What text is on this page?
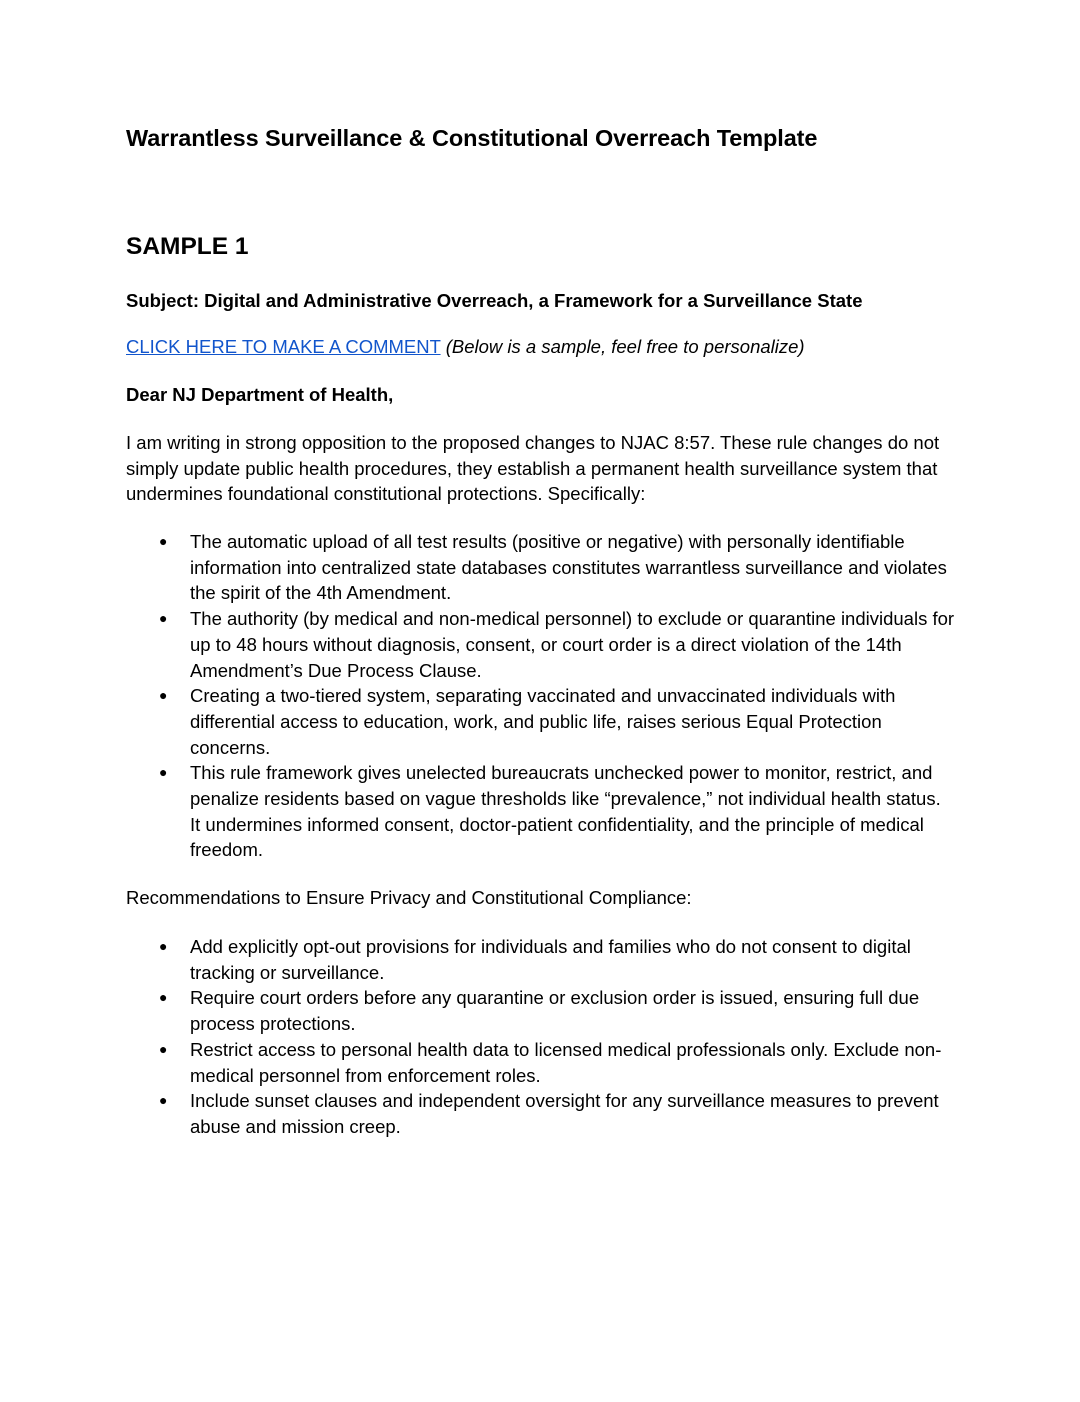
Warrantless Surveillance & Constitutional Overreach Template
SAMPLE 1

Subject: Digital and Administrative Overreach, a Framework for a Surveillance State

CLICK HERE TO MAKE A COMMENT (Below is a sample, feel free to personalize)

Dear NJ Department of Health,

I am writing in strong opposition to the proposed changes to NJAC 8:57. These rule changes do not simply update public health procedures, they establish a permanent health surveillance system that undermines foundational constitutional protections. Specifically:

● The automatic upload of all test results (positive or negative) with personally identifiable information into centralized state databases constitutes warrantless surveillance and violates the spirit of the 4th Amendment.
● The authority (by medical and non-medical personnel) to exclude or quarantine individuals for up to 48 hours without diagnosis, consent, or court order is a direct violation of the 14th Amendment’s Due Process Clause.
● Creating a two-tiered system, separating vaccinated and unvaccinated individuals with differential access to education, work, and public life, raises serious Equal Protection concerns.
● This rule framework gives unelected bureaucrats unchecked power to monitor, restrict, and penalize residents based on vague thresholds like “prevalence,” not individual health status. It undermines informed consent, doctor-patient confidentiality, and the principle of medical freedom.

Recommendations to Ensure Privacy and Constitutional Compliance:

● Add explicitly opt-out provisions for individuals and families who do not consent to digital tracking or surveillance.
● Require court orders before any quarantine or exclusion order is issued, ensuring full due process protections.
● Restrict access to personal health data to licensed medical professionals only. Exclude non-medical personnel from enforcement roles.
● Include sunset clauses and independent oversight for any surveillance measures to prevent abuse and mission creep.
